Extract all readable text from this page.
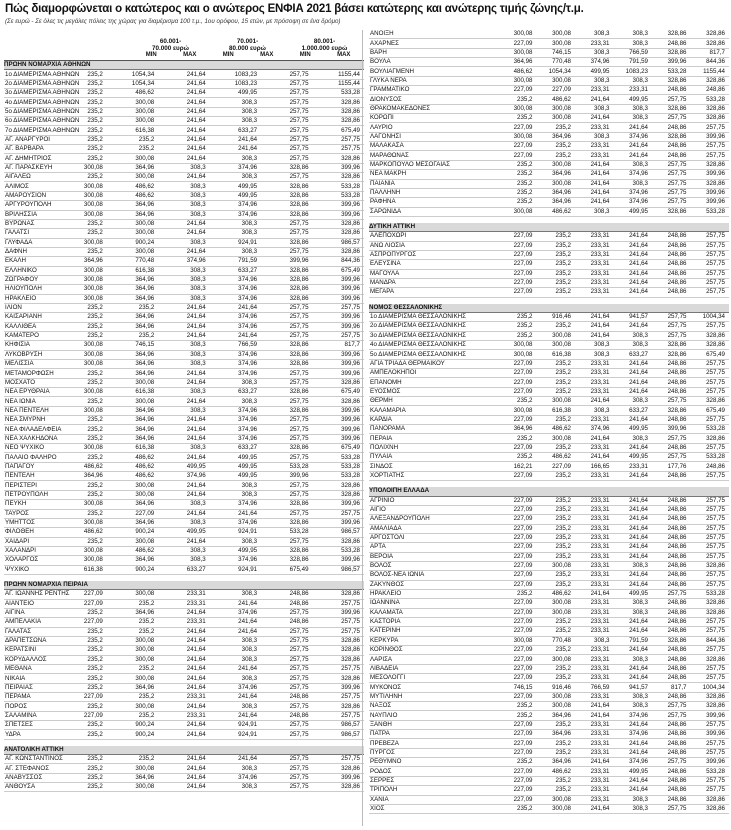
Πώς διαμορφώνεται ο κατώτερος και ο ανώτερος ΕΝΦΙΑ 2021 βάσει κατώτερης και ανώτερης τιμής ζώνης/τ.μ.
(Σε ευρώ - Σε όλες τις μεγάλες πόλεις της χώρας για διαμέρισμα 100 τ.μ., 1ου ορόφου, 15 ετών, με πρόσοψη σε ένα δρόμο)
60.001-
70.000 ευρώ
70.001-
80.000 ευρώ
80.001-
1.000.000 ευρώ
MIN	MAX	MIN	MAX	MIN	MAX
ΠΡΩΗΝ ΝΟΜΑΡΧΙΑ ΑΘΗΝΩΝ						
1ο ΔΙΑΜΕΡΙΣΜΑ ΑΘΗΝΩΝ	235,2	1054,34	241,64	1083,23	257,75	1155,44
2ο ΔΙΑΜΕΡΙΣΜΑ ΑΘΗΝΩΝ	235,2	1054,34	241,64	1083,23	257,75	1155,44
3ο ΔΙΑΜΕΡΙΣΜΑ ΑΘΗΝΩΝ	235,2	486,62	241,64	499,95	257,75	533,28
4ο ΔΙΑΜΕΡΙΣΜΑ ΑΘΗΝΩΝ	235,2	300,08	241,64	308,3	257,75	328,86
5ο ΔΙΑΜΕΡΙΣΜΑ ΑΘΗΝΩΝ	235,2	300,08	241,64	308,3	257,75	328,86
6ο ΔΙΑΜΕΡΙΣΜΑ ΑΘΗΝΩΝ	235,2	300,08	241,64	308,3	257,75	328,86
7ο ΔΙΑΜΕΡΙΣΜΑ ΑΘΗΝΩΝ	235,2	616,38	241,64	633,27	257,75	675,49
ΑΓ. ΑΝΑΡΓΥΡΟΙ	235,2	235,2	241,64	241,64	257,75	257,75
ΑΓ. ΒΑΡΒΑΡΑ	235,2	235,2	241,64	241,64	257,75	257,75
ΑΓ. ΔΗΜΗΤΡΙΟΣ	235,2	300,08	241,64	308,3	257,75	328,86
ΑΓ. ΠΑΡΑΣΚΕΥΗ	300,08	364,96	308,3	374,96	328,86	399,96
ΑΙΓΑΛΕΩ	235,2	300,08	241,64	308,3	257,75	328,86
ΑΛΙΜΟΣ	300,08	486,62	308,3	499,95	328,86	533,28
ΑΜΑΡΟΥΣΙΟΝ	300,08	486,62	308,3	499,95	328,86	533,28
ΑΡΓΥΡΟΥΠΟΛΗ	300,08	364,96	308,3	374,96	328,86	399,96
ΒΡΙΛΗΣΣΙΑ	300,08	364,96	308,3	374,96	328,86	399,96
ΒΥΡΩΝΑΣ	235,2	300,08	241,64	308,3	257,75	328,86
ΓΑΛΑΤΣΙ	235,2	300,08	241,64	308,3	257,75	328,86
ΓΛΥΦΑΔΑ	300,08	900,24	308,3	924,91	328,86	986,57
ΔΑΦΝΗ	235,2	300,08	241,64	308,3	257,75	328,86
ΕΚΑΛΗ	364,96	770,48	374,96	791,59	399,96	844,36
ΕΛΛΗΝΙΚΟ	300,08	616,38	308,3	633,27	328,86	675,49
ΖΩΓΡΑΦΟΥ	300,08	364,96	308,3	374,96	328,86	399,96
ΗΛΙΟΥΠΟΛΗ	300,08	364,96	308,3	374,96	328,86	399,96
ΗΡΑΚΛΕΙΟ	300,08	364,96	308,3	374,96	328,86	399,96
ΙΛΙΟΝ	235,2	235,2	241,64	241,64	257,75	257,75
ΚΑΙΣΑΡΙΑΝΗ	235,2	364,96	241,64	374,96	257,75	399,96
ΚΑΛΛΙΘΕΑ	235,2	364,96	241,64	374,96	257,75	399,96
ΚΑΜΑΤΕΡΟ	235,2	235,2	241,64	241,64	257,75	257,75
ΚΗΦΙΣΙΑ	300,08	746,15	308,3	766,59	328,86	817,7
ΛΥΚΟΒΡΥΣΗ	300,08	364,96	308,3	374,96	328,86	399,96
ΜΕΛΙΣΣΙΑ	300,08	364,96	308,3	374,96	328,86	399,96
ΜΕΤΑΜΟΡΦΩΣΗ	235,2	364,96	241,64	374,96	257,75	399,96
ΜΟΣΧΑΤΟ	235,2	300,08	241,64	308,3	257,75	328,86
ΝΕΑ ΕΡΥΘΡΑΙΑ	300,08	616,38	308,3	633,27	328,86	675,49
ΝΕΑ ΙΩΝΙΑ	235,2	300,08	241,64	308,3	257,75	328,86
ΝΕΑ ΠΕΝΤΕΛΗ	300,08	364,96	308,3	374,96	328,86	399,96
ΝΕΑ ΣΜΥΡΝΗ	235,2	364,96	241,64	374,96	257,75	399,96
ΝΕΑ ΦΙΛΑΔΕΛΦΕΙΑ	235,2	364,96	241,64	374,96	257,75	399,96
ΝΕΑ ΧΑΛΚΗΔΟΝΑ	235,2	364,96	241,64	374,96	257,75	399,96
ΝΕΟ ΨΥΧΙΚΟ	300,08	616,38	308,3	633,27	328,86	675,49
ΠΑΛΑΙΟ ΦΑΛΗΡΟ	235,2	486,62	241,64	499,95	257,75	533,28
ΠΑΠΑΓΟΥ	486,62	486,62	499,95	499,95	533,28	533,28
ΠΕΝΤΕΛΗ	364,96	486,62	374,96	499,95	399,96	533,28
ΠΕΡΙΣΤΕΡΙ	235,2	300,08	241,64	308,3	257,75	328,86
ΠΕΤΡΟΥΠΟΛΗ	235,2	300,08	241,64	308,3	257,75	328,86
ΠΕΥΚΗ	300,08	364,96	308,3	374,96	328,86	399,96
ΤΑΥΡΟΣ	235,2	227,09	241,64	241,64	257,75	257,75
ΥΜΗΤΤΟΣ	300,08	364,96	308,3	374,96	328,86	399,96
ΦΙΛΟΘΕΗ	486,62	900,24	499,95	924,91	533,28	986,57
ΧΑΙΔΑΡΙ	235,2	300,08	241,64	308,3	257,75	328,86
ΧΑΛΑΝΔΡΙ	300,08	486,62	308,3	499,95	328,86	533,28
ΧΟΛΑΡΓΟΣ	300,08	364,96	308,3	374,96	328,86	399,96
ΨΥΧΙΚΟ	616,38	900,24	633,27	924,91	675,49	986,57

ΠΡΩΗΝ ΝΟΜΑΡΧΙΑ ΠΕΙΡΑΙΑ						
ΑΓ. ΙΩΑΝΝΗΣ ΡΕΝΤΗΣ	227,09	300,08	233,31	308,3	248,86	328,86
ΑΙΑΝΤΕΙΟ	227,09	235,2	233,31	241,64	248,86	257,75
ΑΙΓΙΝΑ	235,2	364,96	241,64	374,96	257,75	399,96
ΑΜΠΕΛΑΚΙΑ	227,09	235,2	233,31	241,64	248,86	257,75
ΓΑΛΑΤΑΣ	235,2	235,2	241,64	241,64	257,75	257,75
ΔΡΑΠΕΤΣΩΝΑ	235,2	300,08	241,64	308,3	257,75	328,86
ΚΕΡΑΤΣΙΝΙ	235,2	300,08	241,64	308,3	257,75	328,86
ΚΟΡΥΔΑΛΛΟΣ	235,2	300,08	241,64	308,3	257,75	328,86
ΜΕΘΑΝΑ	235,2	235,2	241,64	241,64	257,75	257,75
ΝΙΚΑΙΑ	235,2	300,08	241,64	308,3	257,75	328,86
ΠΕΙΡΑΙΑΣ	235,2	364,96	241,64	374,96	257,75	399,96
ΠΕΡΑΜΑ	227,09	235,2	233,31	241,64	248,86	257,75
ΠΟΡΟΣ	235,2	300,08	241,64	308,3	257,75	328,86
ΣΑΛΑΜΙΝΑ	227,09	235,2	233,31	241,64	248,86	257,75
ΣΠΕΤΣΕΣ	235,2	900,24	241,64	924,91	257,75	986,57
ΥΔΡΑ	235,2	900,24	241,64	924,91	257,75	986,57

ΑΝΑΤΟΛΙΚΗ ΑΤΤΙΚΗ						
ΑΓ. ΚΩΝΣΤΑΝΤΙΝΟΣ	235,2	235,2	241,64	241,64	257,75	257,75
ΑΓ. ΣΤΕΦΑΝΟΣ	235,2	300,08	241,64	308,3	257,75	328,86
ΑΝΑΒΥΣΣΟΣ	235,2	364,96	241,64	374,96	257,75	399,96
ΑΝΘΟΥΣΑ	235,2	300,08	241,64	308,3	257,75	328,86
ΑΝΟΙΞΗ	300,08	300,08	308,3	308,3	328,86	328,86
ΑΧΑΡΝΕΣ	227,09	300,08	233,31	308,3	248,86	328,86
ΒΑΡΗ	300,08	746,15	308,3	766,59	328,86	817,7
ΒΟΥΛΑ	364,96	770,48	374,96	791,59	399,96	844,36
ΒΟΥΛΙΑΓΜΕΝΗ	486,62	1054,34	499,95	1083,23	533,28	1155,44
ΓΛΥΚΑ ΝΕΡΑ	300,08	300,08	308,3	308,3	328,86	328,86
ΓΡΑΜΜΑΤΙΚΟ	227,09	227,09	233,31	233,31	248,86	248,86
ΔΙΟΝΥΣΟΣ	235,2	486,62	241,64	499,95	257,75	533,28
ΘΡΑΚΟΜΑΚΕΔΟΝΕΣ	300,08	300,08	308,3	308,3	328,86	328,86
ΚΟΡΩΠΙ	235,2	300,08	241,64	308,3	257,75	328,86
ΛΑΥΡΙΟ	227,09	235,2	233,31	241,64	248,86	257,75
ΛΑΓΟΝΗΣΙ	300,08	364,96	308,3	374,96	328,86	399,96
ΜΑΛΑΚΑΣΑ	227,09	235,2	233,31	241,64	248,86	257,75
ΜΑΡΑΘΩΝΑΣ	227,09	235,2	233,31	241,64	248,86	257,75
ΜΑΡΚΟΠΟΥΛΟ ΜΕΣΟΓΑΙΑΣ	235,2	300,08	241,64	308,3	257,75	328,86
ΝΕΑ ΜΑΚΡΗ	235,2	364,96	241,64	374,96	257,75	399,96
ΠΑΙΑΝΙΑ	235,2	300,08	241,64	308,3	257,75	328,86
ΠΑΛΛΗΝΗ	235,2	364,96	241,64	374,96	257,75	399,96
ΡΑΦΗΝΑ	235,2	364,96	241,64	374,96	257,75	399,96
ΣΑΡΩΝΙΔΑ	300,08	486,62	308,3	499,95	328,86	533,28

ΔΥΤΙΚΗ ΑΤΤΙΚΗ						
ΑΛΕΠΟΧΩΡΙ	227,09	235,2	233,31	241,64	248,86	257,75
ΑΝΩ ΛΙΟΣΙΑ	227,09	235,2	233,31	241,64	248,86	257,75
ΑΣΠΡΟΠΥΡΓΟΣ	227,09	235,2	233,31	241,64	248,86	257,75
ΕΛΕΥΣΙΝΑ	227,09	235,2	233,31	241,64	248,86	257,75
ΜΑΓΟΥΛΑ	227,09	235,2	233,31	241,64	248,86	257,75
ΜΑΝΔΡΑ	227,09	235,2	233,31	241,64	248,86	257,75
ΜΕΓΑΡΑ	227,09	235,2	233,31	241,64	248,86	257,75

ΝΟΜΟΣ ΘΕΣΣΑΛΟΝΙΚΗΣ						
1ο ΔΙΑΜΕΡΙΣΜΑ ΘΕΣΣΑΛΟΝΙΚΗΣ	235,2	916,46	241,64	941,57	257,75	1004,34
2ο ΔΙΑΜΕΡΙΣΜΑ ΘΕΣΣΑΛΟΝΙΚΗΣ	235,2	235,2	241,64	241,64	257,75	257,75
3ο ΔΙΑΜΕΡΙΣΜΑ ΘΕΣΣΑΛΟΝΙΚΗΣ	235,2	300,08	241,64	308,3	257,75	328,86
4ο ΔΙΑΜΕΡΙΣΜΑ ΘΕΣΣΑΛΟΝΙΚΗΣ	300,08	300,08	308,3	308,3	328,86	328,86
5ο ΔΙΑΜΕΡΙΣΜΑ ΘΕΣΣΑΛΟΝΙΚΗΣ	300,08	616,38	308,3	633,27	328,86	675,49
ΑΓΙΑ ΤΡΙΑΔΑ ΘΕΡΜΑΙΚΟΥ	227,09	235,2	233,31	241,64	248,86	257,75
ΑΜΠΕΛΟΚΗΠΟΙ	227,09	235,2	233,31	241,64	248,86	257,75
ΕΠΑΝΟΜΗ	227,09	235,2	233,31	241,64	248,86	257,75
ΕΥΟΣΜΟΣ	227,09	235,2	233,31	241,64	248,86	257,75
ΘΕΡΜΗ	235,2	300,08	241,64	308,3	257,75	328,86
ΚΑΛΑΜΑΡΙΑ	300,08	616,38	308,3	633,27	328,86	675,49
ΚΑΡΔΙΑ	227,09	235,2	233,31	241,64	248,86	257,75
ΠΑΝΟΡΑΜΑ	364,96	486,62	374,96	499,95	399,96	533,28
ΠΕΡΑΙΑ	235,2	300,08	241,64	308,3	257,75	328,86
ΠΟΛΙΧΝΗ	227,09	235,2	233,31	241,64	248,86	257,75
ΠΥΛΑΙΑ	235,2	486,62	241,64	499,95	257,75	533,28
ΣΙΝΔΟΣ	162,21	227,09	166,65	233,31	177,76	248,86
ΧΟΡΤΙΑΤΗΣ	227,09	235,2	233,31	241,64	248,86	257,75

ΥΠΟΛΟΙΠΗ ΕΛΛΑΔΑ						
ΑΓΡΙΝΙΟ	227,09	235,2	233,31	241,64	248,86	257,75
ΑΙΓΙΟ	227,09	235,2	233,31	241,64	248,86	257,75
ΑΛΕΞΑΝΔΡΟΥΠΟΛΗ	227,09	235,2	233,31	241,64	248,86	257,75
ΑΜΑΛΙΑΔΑ	227,09	235,2	233,31	241,64	248,86	257,75
ΑΡΓΟΣΤΟΛΙ	227,09	235,2	233,31	241,64	248,86	257,75
ΑΡΤΑ	227,09	235,2	233,31	241,64	248,86	257,75
ΒΕΡΟΙΑ	227,09	235,2	233,31	241,64	248,86	257,75
ΒΟΛΟΣ	227,09	300,08	233,31	308,3	248,86	328,86
ΒΟΛΟΣ-ΝΕΑ ΙΩΝΙΑ	227,09	235,2	233,31	241,64	248,86	257,75
ΖΑΚΥΝΘΟΣ	227,09	235,2	233,31	241,64	248,86	257,75
ΗΡΑΚΛΕΙΟ	235,2	486,62	241,64	499,95	257,75	533,28
ΙΩΑΝΝΙΝΑ	227,09	300,08	233,31	308,3	248,86	328,86
ΚΑΛΑΜΑΤΑ	227,09	300,08	233,31	308,3	248,86	328,86
ΚΑΣΤΟΡΙΑ	227,09	235,2	233,31	241,64	248,86	257,75
ΚΑΤΕΡΙΝΗ	227,09	235,2	233,31	241,64	248,86	257,75
ΚΕΡΚΥΡΑ	300,08	770,48	308,3	791,59	328,86	844,36
ΚΟΡΙΝΘΟΣ	227,09	235,2	233,31	241,64	248,86	257,75
ΛΑΡΙΣΑ	227,09	300,08	233,31	308,3	248,86	328,86
ΛΙΒΑΔΕΙΑ	227,09	235,2	233,31	241,64	248,86	257,75
ΜΕΣΟΛΟΓΓΙ	227,09	235,2	233,31	241,64	248,86	257,75
ΜΥΚΟΝΟΣ	746,15	916,46	766,59	941,57	817,7	1004,34
ΜΥΤΙΛΗΝΗ	227,09	300,08	233,31	308,3	248,86	328,86
ΝΑΞΟΣ	235,2	300,08	241,64	308,3	257,75	328,86
ΝΑΥΠΛΙΟ	235,2	364,96	241,64	374,96	257,75	399,96
ΞΑΝΘΗ	227,09	235,2	233,31	241,64	248,86	257,75
ΠΑΤΡΑ	227,09	364,96	233,31	374,96	248,86	399,96
ΠΡΕΒΕΖΑ	227,09	235,2	233,31	241,64	248,86	257,75
ΠΥΡΓΟΣ	227,09	235,2	233,31	241,64	248,86	257,75
ΡΕΘΥΜΝΟ	235,2	364,96	241,64	374,96	257,75	399,96
ΡΟΔΟΣ	227,09	486,62	233,31	499,95	248,86	533,28
ΣΕΡΡΕΣ	227,09	235,2	233,31	241,64	248,86	257,75
ΤΡΙΠΟΛΗ	227,09	235,2	233,31	241,64	248,86	257,75
ΧΑΝΙΑ	227,09	300,08	233,31	308,3	248,86	328,86
ΧΙΟΣ	235,2	300,08	241,64	308,3	257,75	328,86
